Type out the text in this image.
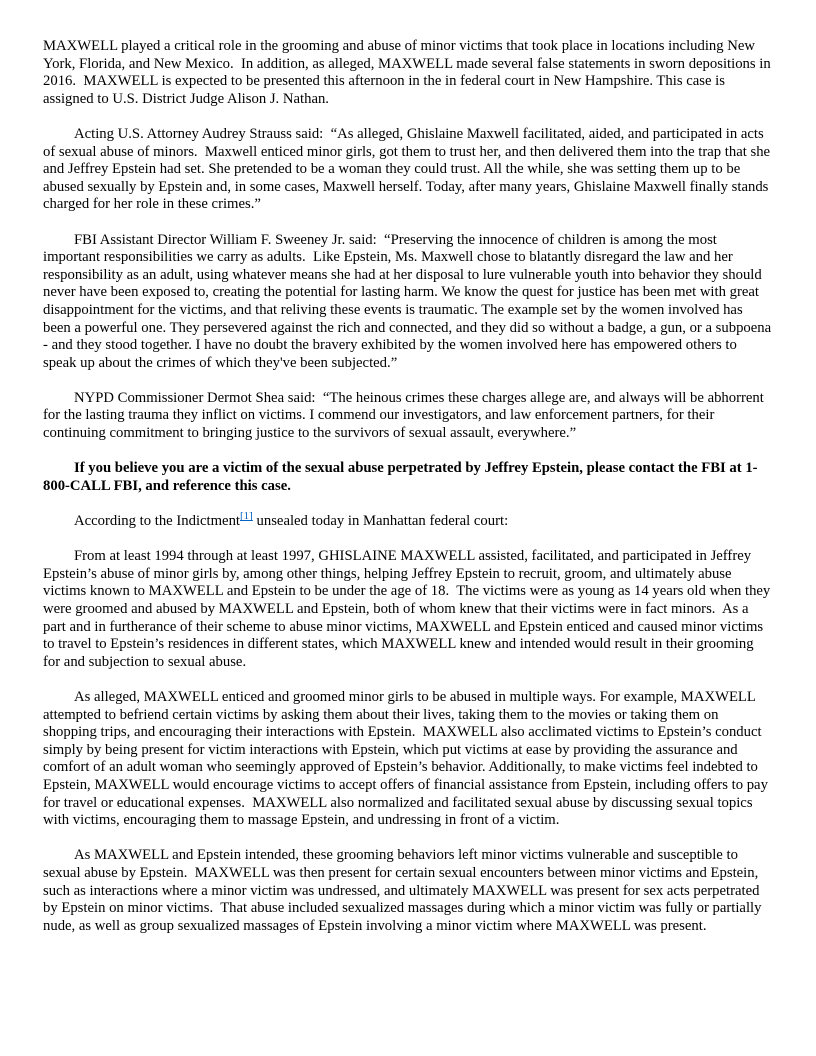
MAXWELL played a critical role in the grooming and abuse of minor victims that took place in locations including New York, Florida, and New Mexico.  In addition, as alleged, MAXWELL made several false statements in sworn depositions in 2016.  MAXWELL is expected to be presented this afternoon in the in federal court in New Hampshire. This case is assigned to U.S. District Judge Alison J. Nathan.

Acting U.S. Attorney Audrey Strauss said:  “As alleged, Ghislaine Maxwell facilitated, aided, and participated in acts of sexual abuse of minors.  Maxwell enticed minor girls, got them to trust her, and then delivered them into the trap that she and Jeffrey Epstein had set. She pretended to be a woman they could trust. All the while, she was setting them up to be abused sexually by Epstein and, in some cases, Maxwell herself. Today, after many years, Ghislaine Maxwell finally stands charged for her role in these crimes.”

FBI Assistant Director William F. Sweeney Jr. said:  “Preserving the innocence of children is among the most important responsibilities we carry as adults.  Like Epstein, Ms. Maxwell chose to blatantly disregard the law and her responsibility as an adult, using whatever means she had at her disposal to lure vulnerable youth into behavior they should never have been exposed to, creating the potential for lasting harm. We know the quest for justice has been met with great disappointment for the victims, and that reliving these events is traumatic. The example set by the women involved has been a powerful one. They persevered against the rich and connected, and they did so without a badge, a gun, or a subpoena - and they stood together. I have no doubt the bravery exhibited by the women involved here has empowered others to speak up about the crimes of which they've been subjected.”

NYPD Commissioner Dermot Shea said:  “The heinous crimes these charges allege are, and always will be abhorrent for the lasting trauma they inflict on victims. I commend our investigators, and law enforcement partners, for their continuing commitment to bringing justice to the survivors of sexual assault, everywhere.”

If you believe you are a victim of the sexual abuse perpetrated by Jeffrey Epstein, please contact the FBI at 1-800-CALL FBI, and reference this case.

According to the Indictment[1] unsealed today in Manhattan federal court:

From at least 1994 through at least 1997, GHISLAINE MAXWELL assisted, facilitated, and participated in Jeffrey Epstein’s abuse of minor girls by, among other things, helping Jeffrey Epstein to recruit, groom, and ultimately abuse victims known to MAXWELL and Epstein to be under the age of 18.  The victims were as young as 14 years old when they were groomed and abused by MAXWELL and Epstein, both of whom knew that their victims were in fact minors.  As a part and in furtherance of their scheme to abuse minor victims, MAXWELL and Epstein enticed and caused minor victims to travel to Epstein’s residences in different states, which MAXWELL knew and intended would result in their grooming for and subjection to sexual abuse.

As alleged, MAXWELL enticed and groomed minor girls to be abused in multiple ways. For example, MAXWELL attempted to befriend certain victims by asking them about their lives, taking them to the movies or taking them on shopping trips, and encouraging their interactions with Epstein.  MAXWELL also acclimated victims to Epstein’s conduct simply by being present for victim interactions with Epstein, which put victims at ease by providing the assurance and comfort of an adult woman who seemingly approved of Epstein’s behavior. Additionally, to make victims feel indebted to Epstein, MAXWELL would encourage victims to accept offers of financial assistance from Epstein, including offers to pay for travel or educational expenses.  MAXWELL also normalized and facilitated sexual abuse by discussing sexual topics with victims, encouraging them to massage Epstein, and undressing in front of a victim.

As MAXWELL and Epstein intended, these grooming behaviors left minor victims vulnerable and susceptible to sexual abuse by Epstein.  MAXWELL was then present for certain sexual encounters between minor victims and Epstein, such as interactions where a minor victim was undressed, and ultimately MAXWELL was present for sex acts perpetrated by Epstein on minor victims.  That abuse included sexualized massages during which a minor victim was fully or partially nude, as well as group sexualized massages of Epstein involving a minor victim where MAXWELL was present.
